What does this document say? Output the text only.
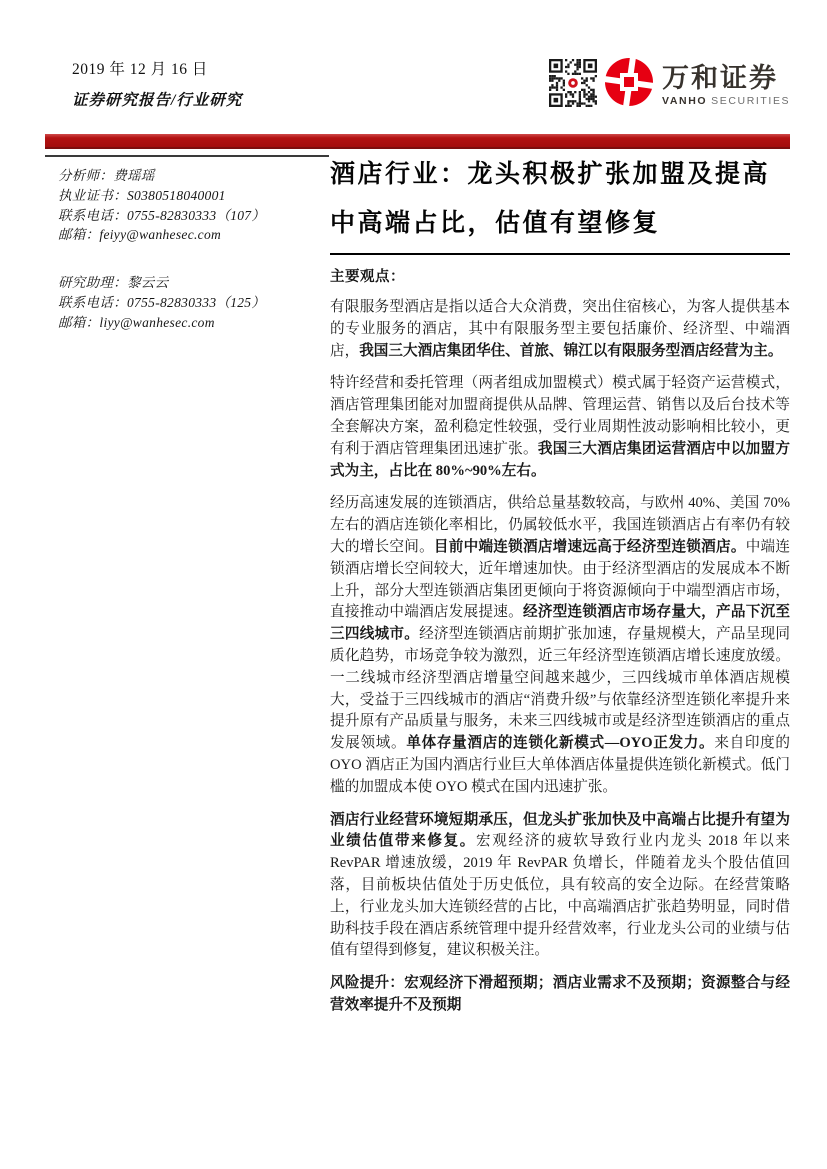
2019 年 12 月 16 日
证券研究报告/行业研究
万和证券
VANHO SECURITIES
分析师：费瑶瑶
执业证书：S0380518040001
联系电话：0755-82830333（107）
邮箱：feiyy@wanhesec.com
研究助理：黎云云
联系电话：0755-82830333（125）
邮箱：liyy@wanhesec.com
酒店行业：龙头积极扩张加盟及提高
中高端占比，估值有望修复
主要观点：

有限服务型酒店是指以适合大众消费，突出住宿核心，为客人提供基本的专业服务的酒店，其中有限服务型主要包括廉价、经济型、中端酒店，我国三大酒店集团华住、首旅、锦江以有限服务型酒店经营为主。

特许经营和委托管理（两者组成加盟模式）模式属于轻资产运营模式，酒店管理集团能对加盟商提供从品牌、管理运营、销售以及后台技术等全套解决方案，盈利稳定性较强，受行业周期性波动影响相比较小，更有利于酒店管理集团迅速扩张。我国三大酒店集团运营酒店中以加盟方式为主，占比在 80%~90%左右。

经历高速发展的连锁酒店，供给总量基数较高，与欧州 40%、美国 70%左右的酒店连锁化率相比，仍属较低水平，我国连锁酒店占有率仍有较大的增长空间。目前中端连锁酒店增速远高于经济型连锁酒店。中端连锁酒店增长空间较大，近年增速加快。由于经济型酒店的发展成本不断上升，部分大型连锁酒店集团更倾向于将资源倾向于中端型酒店市场，直接推动中端酒店发展提速。经济型连锁酒店市场存量大，产品下沉至三四线城市。经济型连锁酒店前期扩张加速，存量规模大，产品呈现同质化趋势，市场竞争较为激烈，近三年经济型连锁酒店增长速度放缓。一二线城市经济型酒店增量空间越来越少，三四线城市单体酒店规模大，受益于三四线城市的酒店“消费升级”与依靠经济型连锁化率提升来提升原有产品质量与服务，未来三四线城市或是经济型连锁酒店的重点发展领域。单体存量酒店的连锁化新模式—OYO正发力。来自印度的 OYO 酒店正为国内酒店行业巨大单体酒店体量提供连锁化新模式。低门槛的加盟成本使 OYO 模式在国内迅速扩张。

酒店行业经营环境短期承压，但龙头扩张加快及中高端占比提升有望为业绩估值带来修复。宏观经济的疲软导致行业内龙头 2018 年以来 RevPAR 增速放缓，2019 年 RevPAR 负增长，伴随着龙头个股估值回落，目前板块估值处于历史低位，具有较高的安全边际。在经营策略上，行业龙头加大连锁经营的占比，中高端酒店扩张趋势明显，同时借助科技手段在酒店系统管理中提升经营效率，行业龙头公司的业绩与估值有望得到修复，建议积极关注。

风险提升：宏观经济下滑超预期；酒店业需求不及预期；资源整合与经营效率提升不及预期
